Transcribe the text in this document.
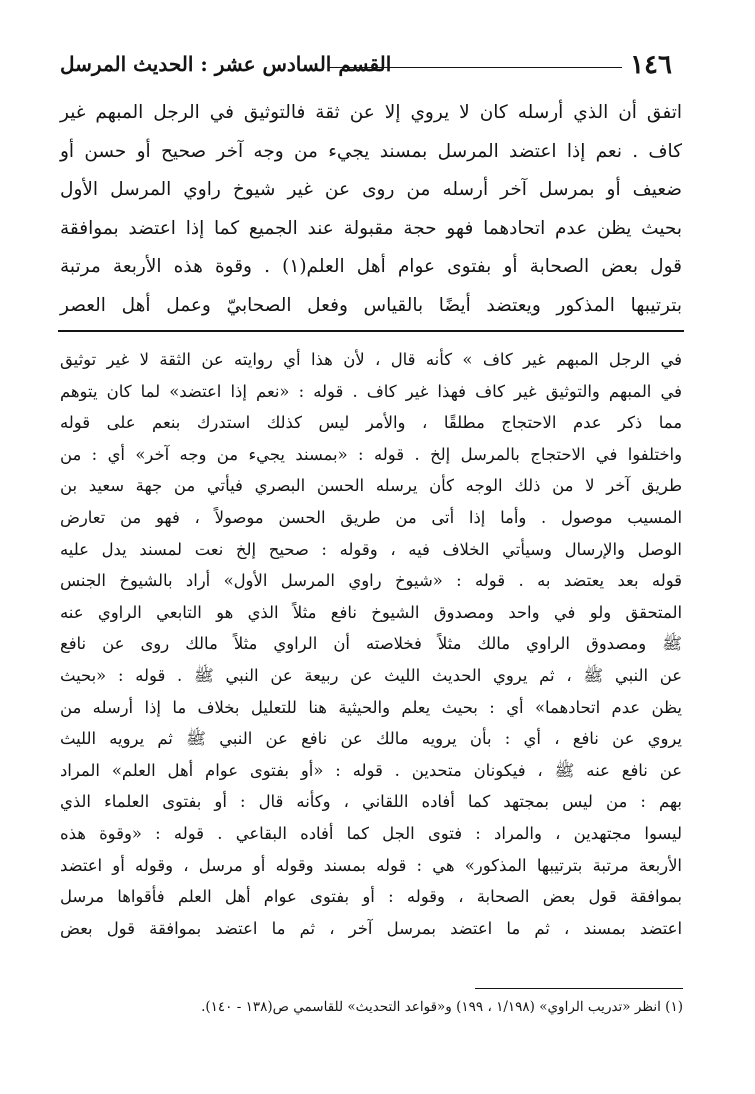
١٤٦
القسم السادس عشر : الحديث المرسل

اتفق أن الذي أرسله كان لا يروي إلا عن ثقة فالتوثيق في الرجل المبهم غير

كاف . نعم إذا اعتضد المرسل بمسند يجيء من وجه آخر صحيح أو حسن أو

ضعيف أو بمرسل آخر أرسله من روى عن غير شيوخ راوي المرسل الأول

بحيث يظن عدم اتحادهما فهو حجة مقبولة عند الجميع كما إذا اعتضد بموافقة

قول بعض الصحابة أو بفتوى عوام أهل العلم(١) . وقوة هذه الأربعة مرتبة

بترتيبها المذكور ويعتضد أيضًا بالقياس وفعل الصحابيّ وعمل أهل العصر

في الرجل المبهم غير كاف » كأنه قال ، لأن هذا أي روايته عن الثقة لا غير توثيق

في المبهم والتوثيق غير كاف فهذا غير كاف . قوله : «نعم إذا اعتضد» لما كان يتوهم

مما ذكر عدم الاحتجاج مطلقًا ، والأمر ليس كذلك استدرك بنعم على قوله

واختلفوا في الاحتجاج بالمرسل إلخ . قوله : «بمسند يجيء من وجه آخر» أي : من

طريق آخر لا من ذلك الوجه كأن يرسله الحسن البصري فيأتي من جهة سعيد بن

المسيب موصول . وأما إذا أتى من طريق الحسن موصولاً ، فهو من تعارض

الوصل والإرسال وسيأتي الخلاف فيه ، وقوله : صحيح إلخ نعت لمسند يدل عليه

قوله بعد يعتضد به . قوله : «شيوخ راوي المرسل الأول» أراد بالشيوخ الجنس

المتحقق ولو في واحد ومصدوق الشيوخ نافع مثلاً الذي هو التابعي الراوي عنه

ﷺ ومصدوق الراوي مالك مثلاً فخلاصته أن الراوي مثلاً مالك روى عن نافع

عن النبي ﷺ ، ثم يروي الحديث الليث عن ربيعة عن النبي ﷺ . قوله : «بحيث

يظن عدم اتحادهما» أي : بحيث يعلم والحيثية هنا للتعليل بخلاف ما إذا أرسله من

يروي عن نافع ، أي : بأن يرويه مالك عن نافع عن النبي ﷺ ثم يرويه الليث

عن نافع عنه ﷺ ، فيكونان متحدين . قوله : «أو بفتوى عوام أهل العلم» المراد

بهم : من ليس بمجتهد كما أفاده اللقاني ، وكأنه قال : أو بفتوى العلماء الذي

ليسوا مجتهدين ، والمراد : فتوى الجل كما أفاده البقاعي . قوله : «وقوة هذه

الأربعة مرتبة بترتيبها المذكور» هي : قوله بمسند وقوله أو مرسل ، وقوله أو اعتضد

بموافقة قول بعض الصحابة ، وقوله : أو بفتوى عوام أهل العلم فأقواها مرسل

اعتضد بمسند ، ثم ما اعتضد بمرسل آخر ، ثم ما اعتضد بموافقة قول بعض

(١) انظر «تدريب الراوي» (١/١٩٨ ، ١٩٩) و«قواعد التحديث» للقاسمي ص(١٣٨ - ١٤٠).
